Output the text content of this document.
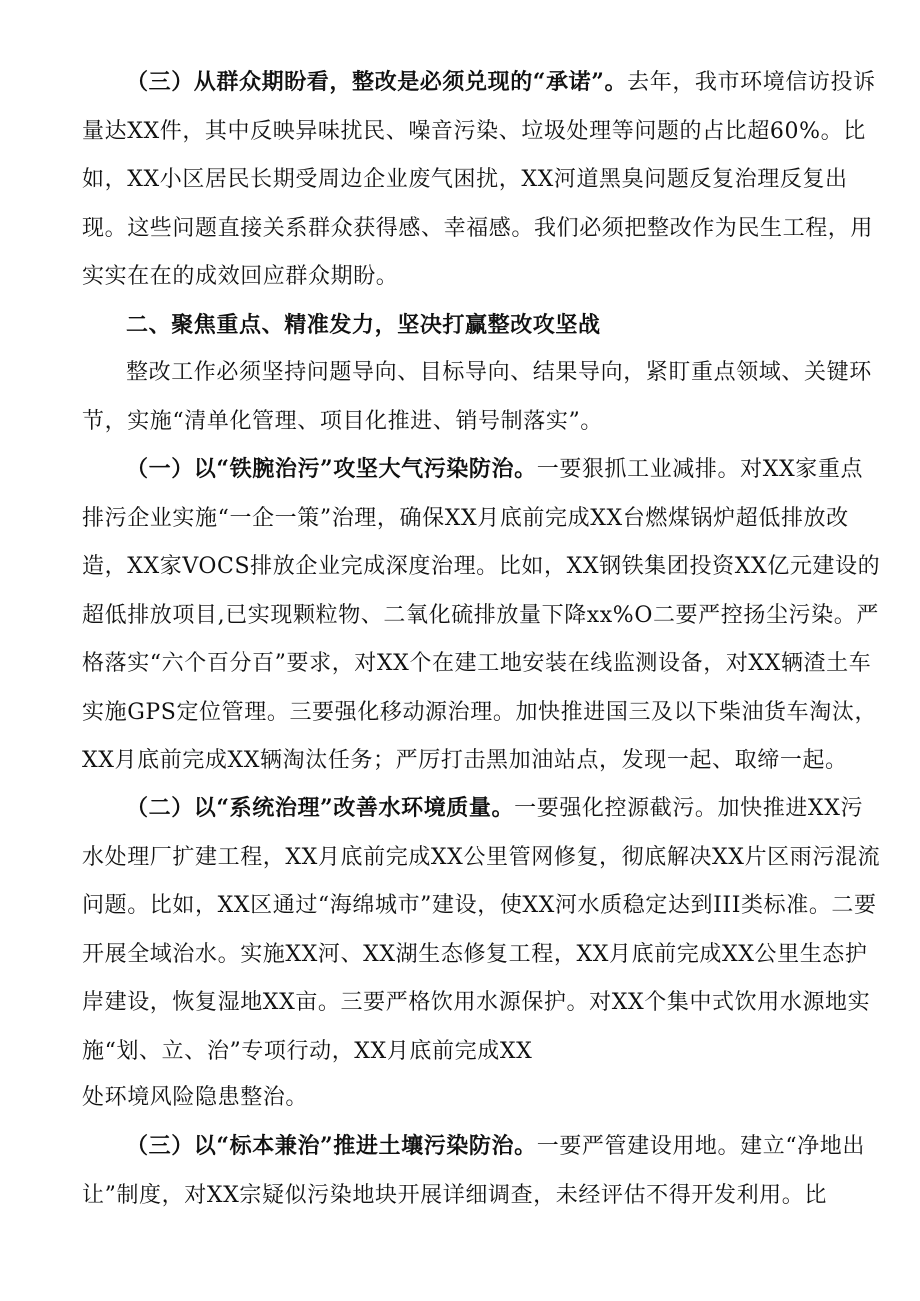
（三）从群众期盼看，整改是必须兑现的“承诺”。去年，我市环境信访投诉量达XX件，其中反映异味扰民、噪音污染、垃圾处理等问题的占比超60%。比如，XX小区居民长期受周边企业废气困扰，XX河道黑臭问题反复治理反复出现。这些问题直接关系群众获得感、幸福感。我们必须把整改作为民生工程，用实实在在的成效回应群众期盼。

二、聚焦重点、精准发力，坚决打赢整改攻坚战

整改工作必须坚持问题导向、目标导向、结果导向，紧盯重点领域、关键环节，实施“清单化管理、项目化推进、销号制落实”。

（一）以“铁腕治污”攻坚大气污染防治。一要狠抓工业减排。对XX家重点排污企业实施“一企一策”治理，确保XX月底前完成XX台燃煤锅炉超低排放改造，XX家VOCS排放企业完成深度治理。比如，XX钢铁集团投资XX亿元建设的超低排放项目,已实现颗粒物、二氧化硫排放量下降xx%O二要严控扬尘污染。严格落实“六个百分百”要求，对XX个在建工地安装在线监测设备，对XX辆渣土车实施GPS定位管理。三要强化移动源治理。加快推进国三及以下柴油货车淘汰，XX月底前完成XX辆淘汰任务；严厉打击黑加油站点，发现一起、取缔一起。

（二）以“系统治理”改善水环境质量。一要强化控源截污。加快推进XX污水处理厂扩建工程，XX月底前完成XX公里管网修复，彻底解决XX片区雨污混流问题。比如，XX区通过“海绵城市”建设，使XX河水质稳定达到III类标准。二要开展全域治水。实施XX河、XX湖生态修复工程，XX月底前完成XX公里生态护岸建设，恢复湿地XX亩。三要严格饮用水源保护。对XX个集中式饮用水源地实施“划、立、治”专项行动，XX月底前完成XX

处环境风险隐患整治。

（三）以“标本兼治”推进土壤污染防治。一要严管建设用地。建立“净地出让”制度，对XX宗疑似污染地块开展详细调查，未经评估不得开发利用。比
